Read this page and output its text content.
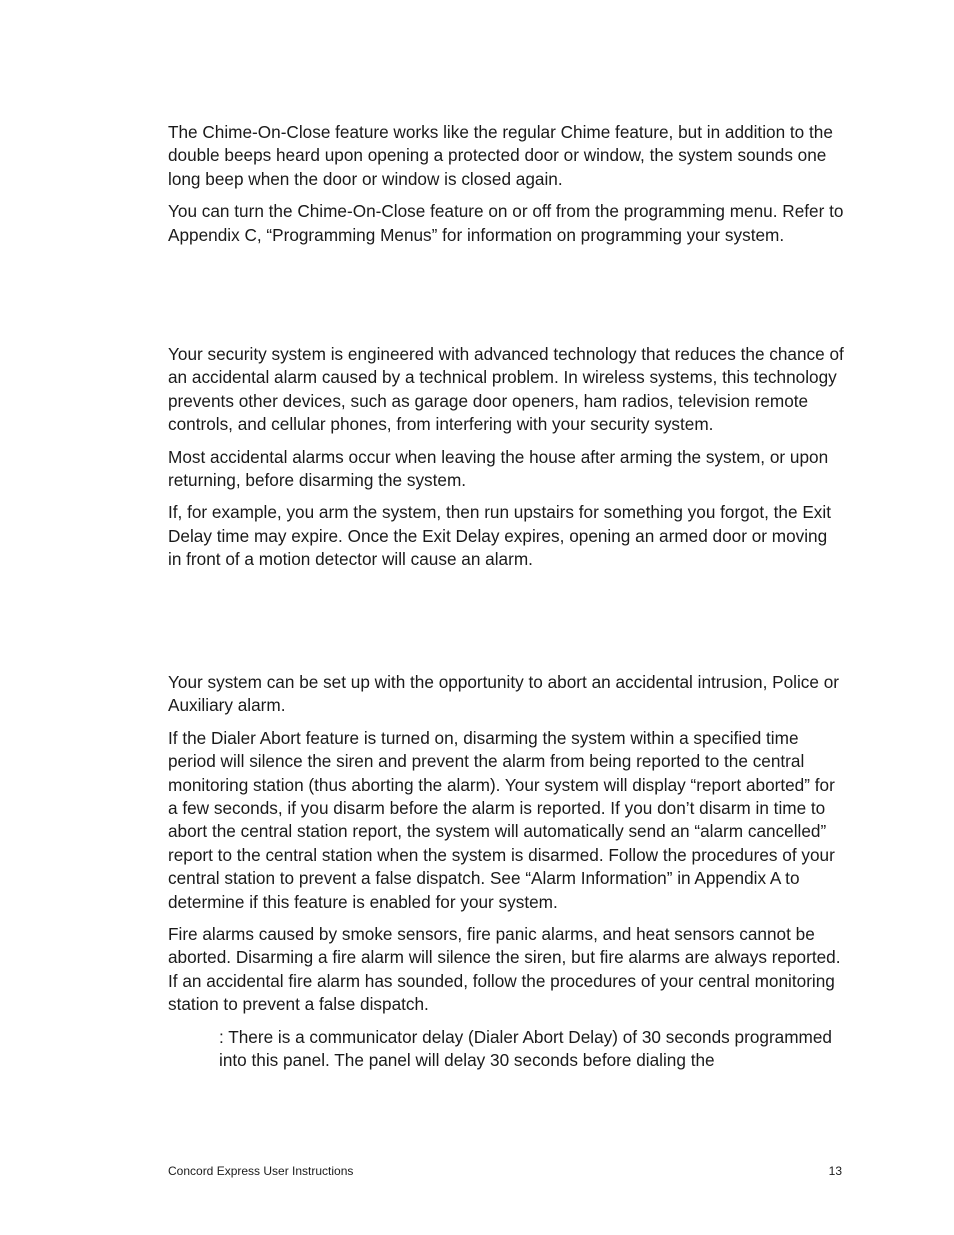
The Chime-On-Close feature works like the regular Chime feature, but in addition to the double beeps heard upon opening a protected door or window, the system sounds one long beep when the door or window is closed again.

You can turn the Chime-On-Close feature on or off from the programming menu. Refer to Appendix C, “Programming Menus” for information on programming your system.

Your security system is engineered with advanced technology that reduces the chance of an accidental alarm caused by a technical problem. In wireless systems, this technology prevents other devices, such as garage door openers, ham radios, television remote controls, and cellular phones, from interfering with your security system.

Most accidental alarms occur when leaving the house after arming the system, or upon returning, before disarming the system.

If, for example, you arm the system, then run upstairs for something you forgot, the Exit Delay time may expire. Once the Exit Delay expires, opening an armed door or moving in front of a motion detector will cause an alarm.

Your system can be set up with the opportunity to abort an accidental intrusion, Police or Auxiliary alarm.

If the Dialer Abort feature is turned on, disarming the system within a specified time period will silence the siren and prevent the alarm from being reported to the central monitoring station (thus aborting the alarm). Your system will display “report aborted” for a few seconds, if you disarm before the alarm is reported. If you don’t disarm in time to abort the central station report, the system will automatically send an “alarm cancelled” report to the central station when the system is disarmed. Follow the procedures of your central station to prevent a false dispatch. See “Alarm Information” in Appendix A to determine if this feature is enabled for your system.

Fire alarms caused by smoke sensors, fire panic alarms, and heat sensors cannot be aborted. Disarming a fire alarm will silence the siren, but fire alarms are always reported. If an accidental fire alarm has sounded, follow the procedures of your central monitoring station to prevent a false dispatch.

: There is a communicator delay (Dialer Abort Delay) of 30 seconds programmed into this panel. The panel will delay 30 seconds before dialing the

Concord Express User Instructions	13
